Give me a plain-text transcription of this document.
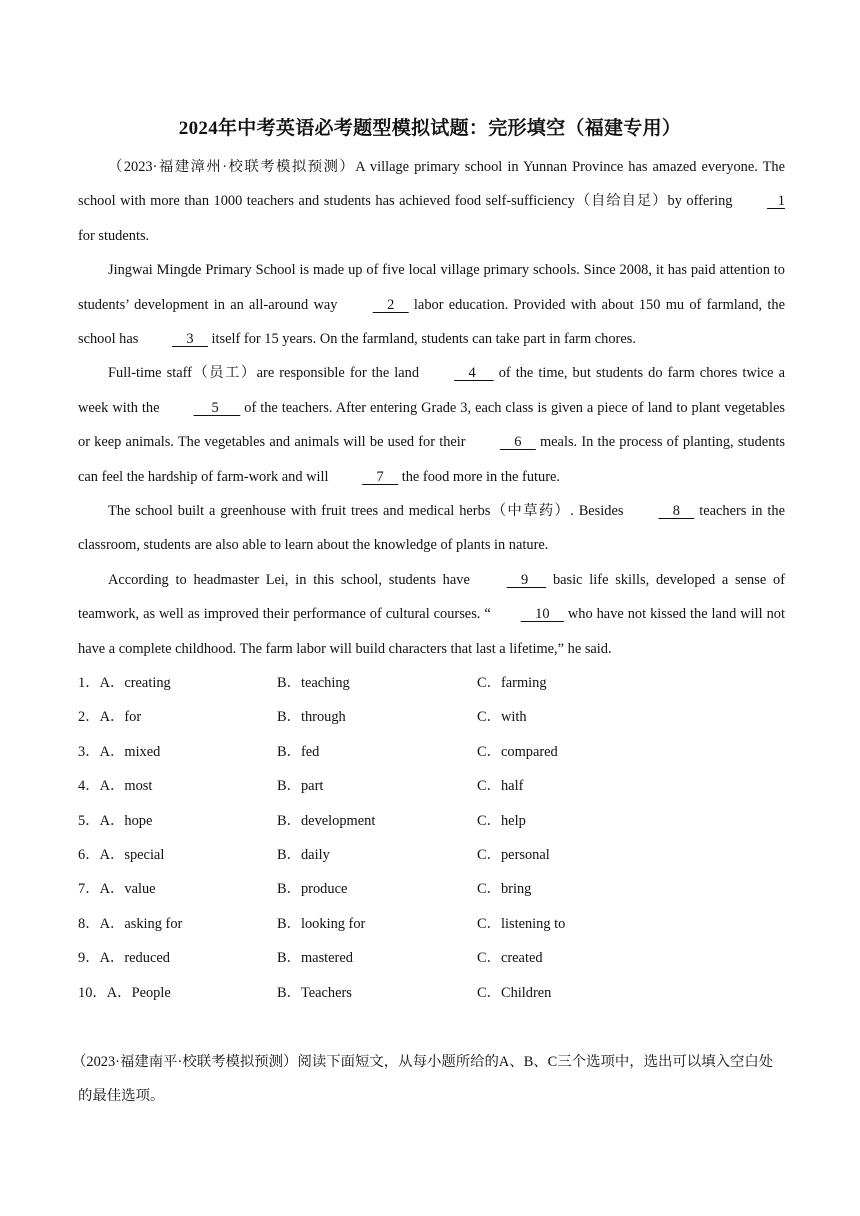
2024年中考英语必考题型模拟试题：完形填空（福建专用）

（2023·福建漳州·校联考模拟预测）A village primary school in Yunnan Province has amazed everyone. The school with more than 1000 teachers and students has achieved food self-sufficiency（自给自足）by offering    1 for students.

Jingwai Mingde Primary School is made up of five local village primary schools. Since 2008, it has paid attention to students’ development in an all-around way     2     labor education. Provided with about 150 mu of farmland, the school has     3     itself for 15 years. On the farmland, students can take part in farm chores.

Full-time staff（员工）are responsible for the land     4      of the time, but students do farm chores twice a week with the      5       of the teachers. After entering Grade 3, each class is given a piece of land to plant vegetables or keep animals. The vegetables and animals will be used for their     6     meals. In the process of planting, students can feel the hardship of farm-work and will     7     the food more in the future.

The school built a greenhouse with fruit trees and medical herbs（中草药）. Besides     8     teachers in the classroom, students are also able to learn about the knowledge of plants in nature.

According to headmaster Lei, in this school, students have     9      basic life skills, developed a sense of teamwork, as well as improved their performance of cultural courses. “    10     who have not kissed the land will not have a complete childhood. The farm labor will build characters that last a lifetime,” he said.

1．A．creating	B．teaching	C．farming
2．A．for	B．through	C．with
3．A．mixed	B．fed	C．compared
4．A．most	B．part	C．half
5．A．hope	B．development	C．help
6．A．special	B．daily	C．personal
7．A．value	B．produce	C．bring
8．A．asking for	B．looking for	C．listening to
9．A．reduced	B．mastered	C．created
10．A．People	B．Teachers	C．Children
（2023·福建南平·校联考模拟预测）阅读下面短文，从每小题所给的A、B、C三个选项中，选出可以填入空白处的最佳选项。
